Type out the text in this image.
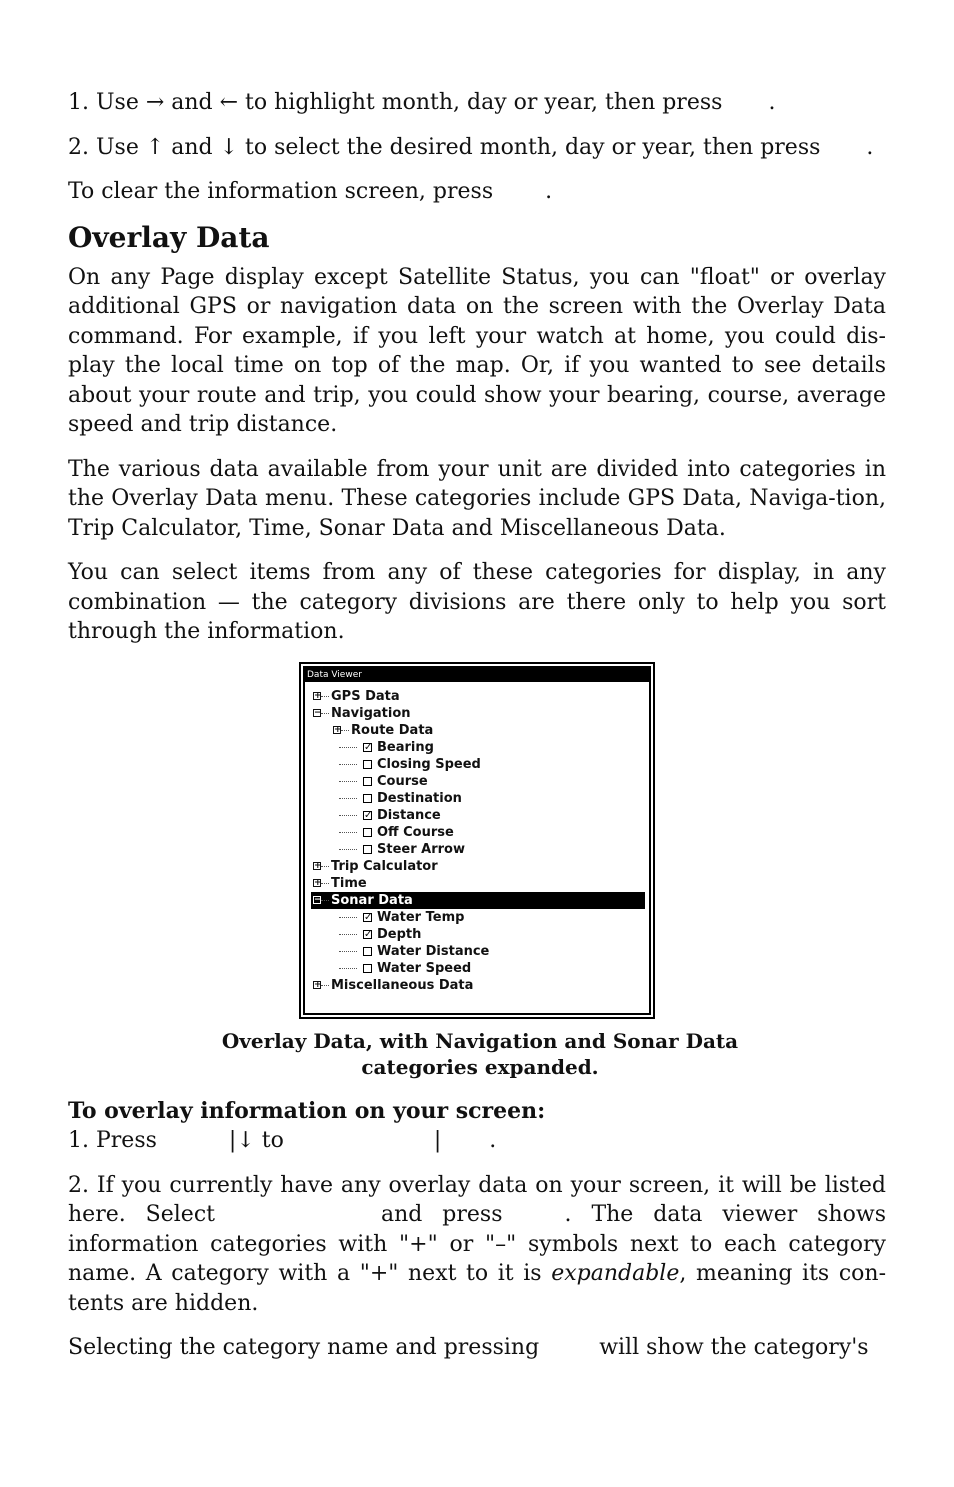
1. Use → and ← to highlight month, day or year, then press .

2. Use ↑ and ↓ to select the desired month, day or year, then press .

To clear the information screen, press .

Overlay Data

On any Page display except Satellite Status, you can "float" or overlay additional GPS or navigation data on the screen with the Overlay Data command. For example, if you left your watch at home, you could dis-play the local time on top of the map. Or, if you wanted to see details about your route and trip, you could show your bearing, course, average speed and trip distance.

The various data available from your unit are divided into categories in the Overlay Data menu. These categories include GPS Data, Naviga-tion, Trip Calculator, Time, Sonar Data and Miscellaneous Data.

You can select items from any of these categories for display, in any combination — the category divisions are there only to help you sort through the information.

Data Viewer
+ GPS Data
− Navigation
+ Route Data
✓ Bearing
Closing Speed
Course
Destination
✓ Distance
Off Course
Steer Arrow
+ Trip Calculator
+ Time
− Sonar Data
✓ Water Temp
✓ Depth
Water Distance
Water Speed
+ Miscellaneous Data
Overlay Data, with Navigation and Sonar Data
categories expanded.

To overlay information on your screen:

1. Press	|↓ to	| .

2. If you currently have any overlay data on your screen, it will be listed here. Select	and press	. The data viewer shows information categories with "+" or "–" symbols next to each category name. A category with a "+" next to it is expandable, meaning its con-tents are hidden.

Selecting the category name and pressing	will show the category's
